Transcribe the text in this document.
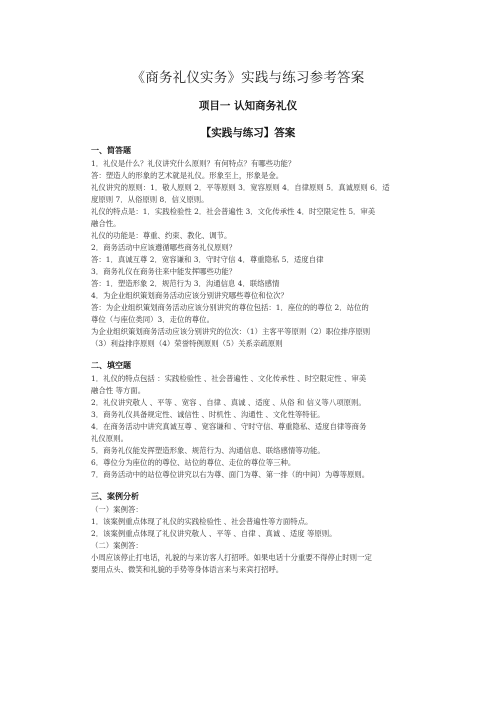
《商务礼仪实务》实践与练习参考答案
项目一 认知商务礼仪
【实践与练习】答案
一、简答题
1．礼仪是什么？礼仪讲究什么原则？有何特点？有哪些功能？
答：塑造人的形象的艺术就是礼仪。形象至上，形象是金。
礼仪讲究的原则：1．敬人原则 2．平等原则 3．宽容原则 4．自律原则 5．真诚原则 6．适
度原则 7．从俗原则 8．信义原则。
礼仪的特点是：1．实践检验性 2．社会普遍性 3．文化传承性 4．时空限定性 5．审美
融合性。
礼仪的功能是：尊重、约束、教化、调节。
2．商务活动中应该遵循哪些商务礼仪原则？
答：1．真诚互尊 2．宽容谦和 3．守时守信 4．尊重隐私 5．适度自律
3．商务礼仪在商务往来中能发挥哪些功能？
答：1．塑造形象 2．规范行为 3．沟通信息 4．联络感情
4．为企业组织策划商务活动应该分别讲究哪些尊位和位次？
答：为企业组织策划商务活动应该分别讲究的尊位包括：1．座位的的尊位 2．站位的
尊位（与座位类同）3．走位的尊位。
为企业组织策划商务活动应该分别讲究的位次：（1）主客平等原则（2）职位排序原则
（3）利益排序原则（4）荣誉特例原则（5）关系亲疏原则
二、填空题
1．礼仪的特点包括 ：实践检验性 、社会普遍性 、文化传承性 、时空限定性 、审美
融合性 等方面。
2．礼仪讲究敬人 、平等 、宽容 、自律 、真诚 、适度 、从俗 和 信义等八项原则。
3．商务礼仪具备规定性、诚信性 、时机性 、沟通性 、文化性等特征。
4．在商务活动中讲究真诚互尊 、宽容谦和 、守时守信、尊重隐私、适度自律等商务
礼仪原则。
5．商务礼仪能发挥塑造形象、规范行为、沟通信息、联络感情等功能。
6．尊位分为座位的的尊位、站位的尊位、走位的尊位等三种。
7．商务活动中的站位尊位讲究以右为尊、面门为尊、第一排（的中间）为尊等原则。
三、案例分析
（一）案例答：
1．该案例重点体现了礼仪的实践检验性 、社会普遍性等方面特点。
2．该案例重点体现了礼仪讲究敬人 、平等 、自律 、真诚 、适度 等原则。
（二）案例答：
小周应该停止打电话，礼貌的与来访客人打招呼。如果电话十分重要不得停止时则一定
要用点头、微笑和礼貌的手势等身体语言来与来宾打招呼。
